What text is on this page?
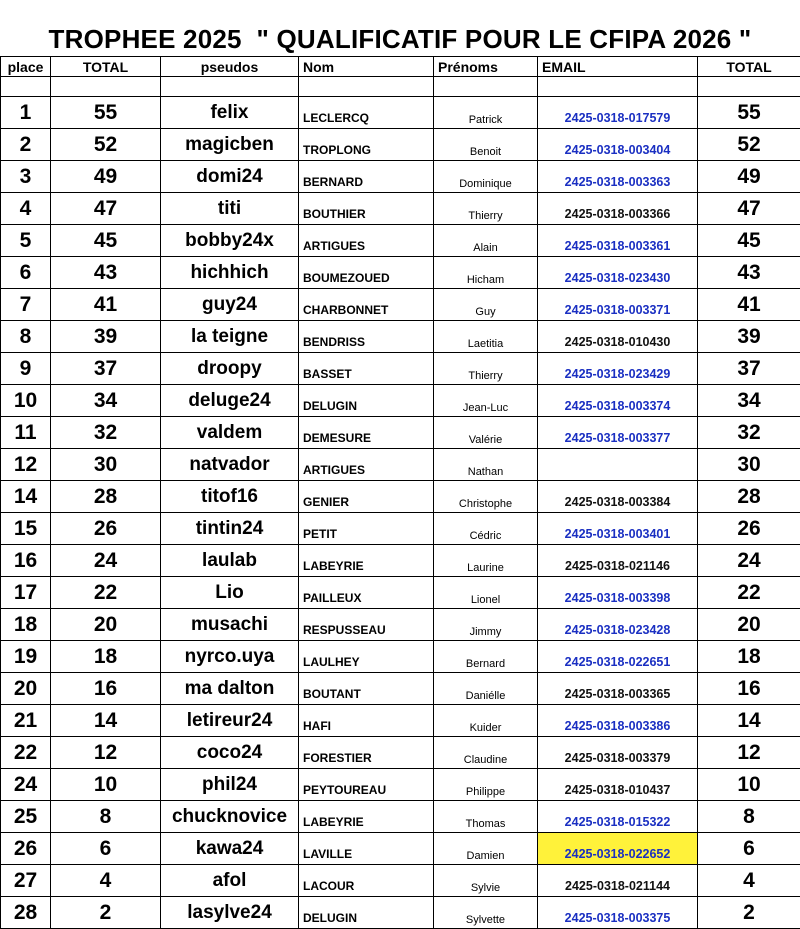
TROPHEE 2025  " QUALIFICATIF POUR LE CFIPA 2026 "
place	TOTAL	pseudos	Nom	Prénoms	EMAIL	TOTAL

1	55	felix	LECLERCQ	Patrick	2425-0318-017579	55
2	52	magicben	TROPLONG	Benoit	2425-0318-003404	52
3	49	domi24	BERNARD	Dominique	2425-0318-003363	49
4	47	titi	BOUTHIER	Thierry	2425-0318-003366	47
5	45	bobby24x	ARTIGUES	Alain	2425-0318-003361	45
6	43	hichhich	BOUMEZOUED	Hicham	2425-0318-023430	43
7	41	guy24	CHARBONNET	Guy	2425-0318-003371	41
8	39	la teigne	BENDRISS	Laetitia	2425-0318-010430	39
9	37	droopy	BASSET	Thierry	2425-0318-023429	37
10	34	deluge24	DELUGIN	Jean-Luc	2425-0318-003374	34
11	32	valdem	DEMESURE	Valérie	2425-0318-003377	32
12	30	natvador	ARTIGUES	Nathan		30
14	28	titof16	GENIER	Christophe	2425-0318-003384	28
15	26	tintin24	PETIT	Cédric	2425-0318-003401	26
16	24	laulab	LABEYRIE	Laurine	2425-0318-021146	24
17	22	Lio	PAILLEUX	Lionel	2425-0318-003398	22
18	20	musachi	RESPUSSEAU	Jimmy	2425-0318-023428	20
19	18	nyrco.uya	LAULHEY	Bernard	2425-0318-022651	18
20	16	ma dalton	BOUTANT	Daniélle	2425-0318-003365	16
21	14	letireur24	HAFI	Kuider	2425-0318-003386	14
22	12	coco24	FORESTIER	Claudine	2425-0318-003379	12
24	10	phil24	PEYTOUREAU	Philippe	2425-0318-010437	10
25	8	chucknovice	LABEYRIE	Thomas	2425-0318-015322	8
26	6	kawa24	LAVILLE	Damien	2425-0318-022652	6
27	4	afol	LACOUR	Sylvie	2425-0318-021144	4
28	2	lasylve24	DELUGIN	Sylvette	2425-0318-003375	2
